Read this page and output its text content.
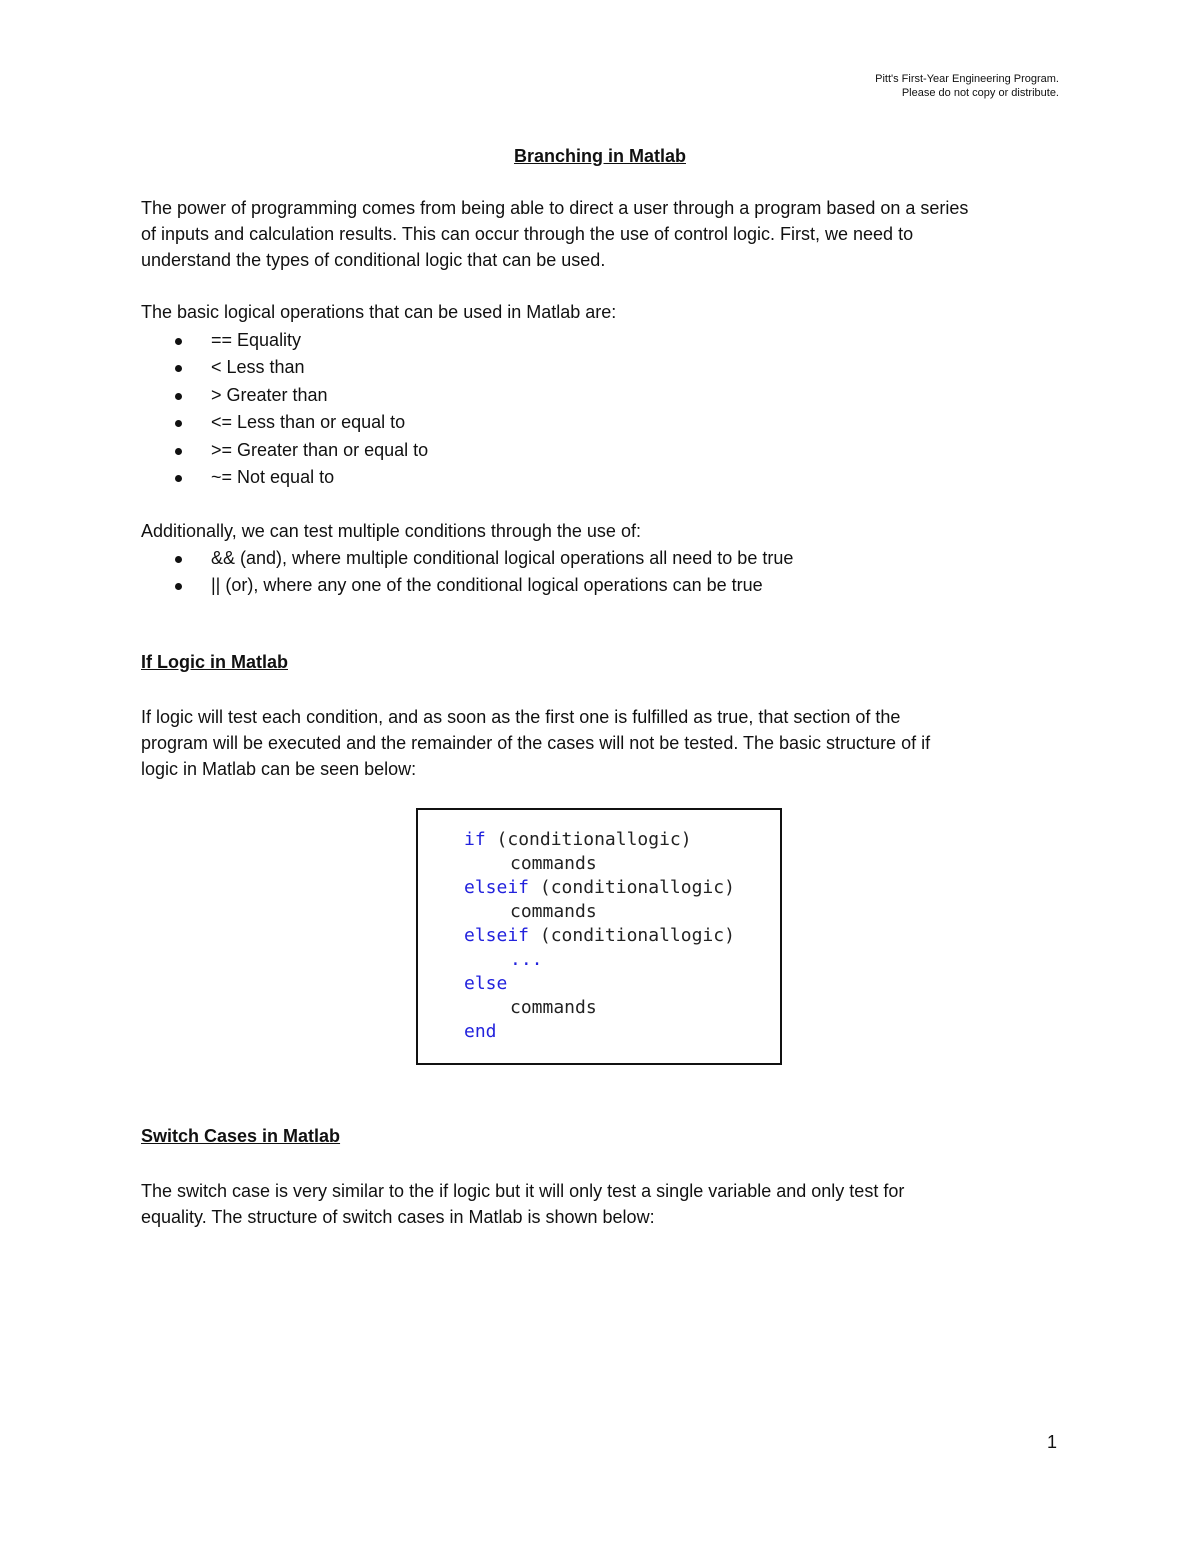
Pitt's First-Year Engineering Program.
Please do not copy or distribute.
Branching in Matlab
The power of programming comes from being able to direct a user through a program based on a series
of inputs and calculation results. This can occur through the use of control logic. First, we need to
understand the types of conditional logic that can be used.
The basic logical operations that can be used in Matlab are:
== Equality
< Less than
> Greater than
<= Less than or equal to
>= Greater than or equal to
~= Not equal to
Additionally, we can test multiple conditions through the use of:
&& (and), where multiple conditional logical operations all need to be true
|| (or), where any one of the conditional logical operations can be true
If Logic in Matlab
If logic will test each condition, and as soon as the first one is fulfilled as true, that section of the
program will be executed and the remainder of the cases will not be tested. The basic structure of if
logic in Matlab can be seen below:
if (conditionallogic)
commands
elseif (conditionallogic)
commands
elseif (conditionallogic)
...
else
commands
end
Switch Cases in Matlab
The switch case is very similar to the if logic but it will only test a single variable and only test for
equality. The structure of switch cases in Matlab is shown below:
1
